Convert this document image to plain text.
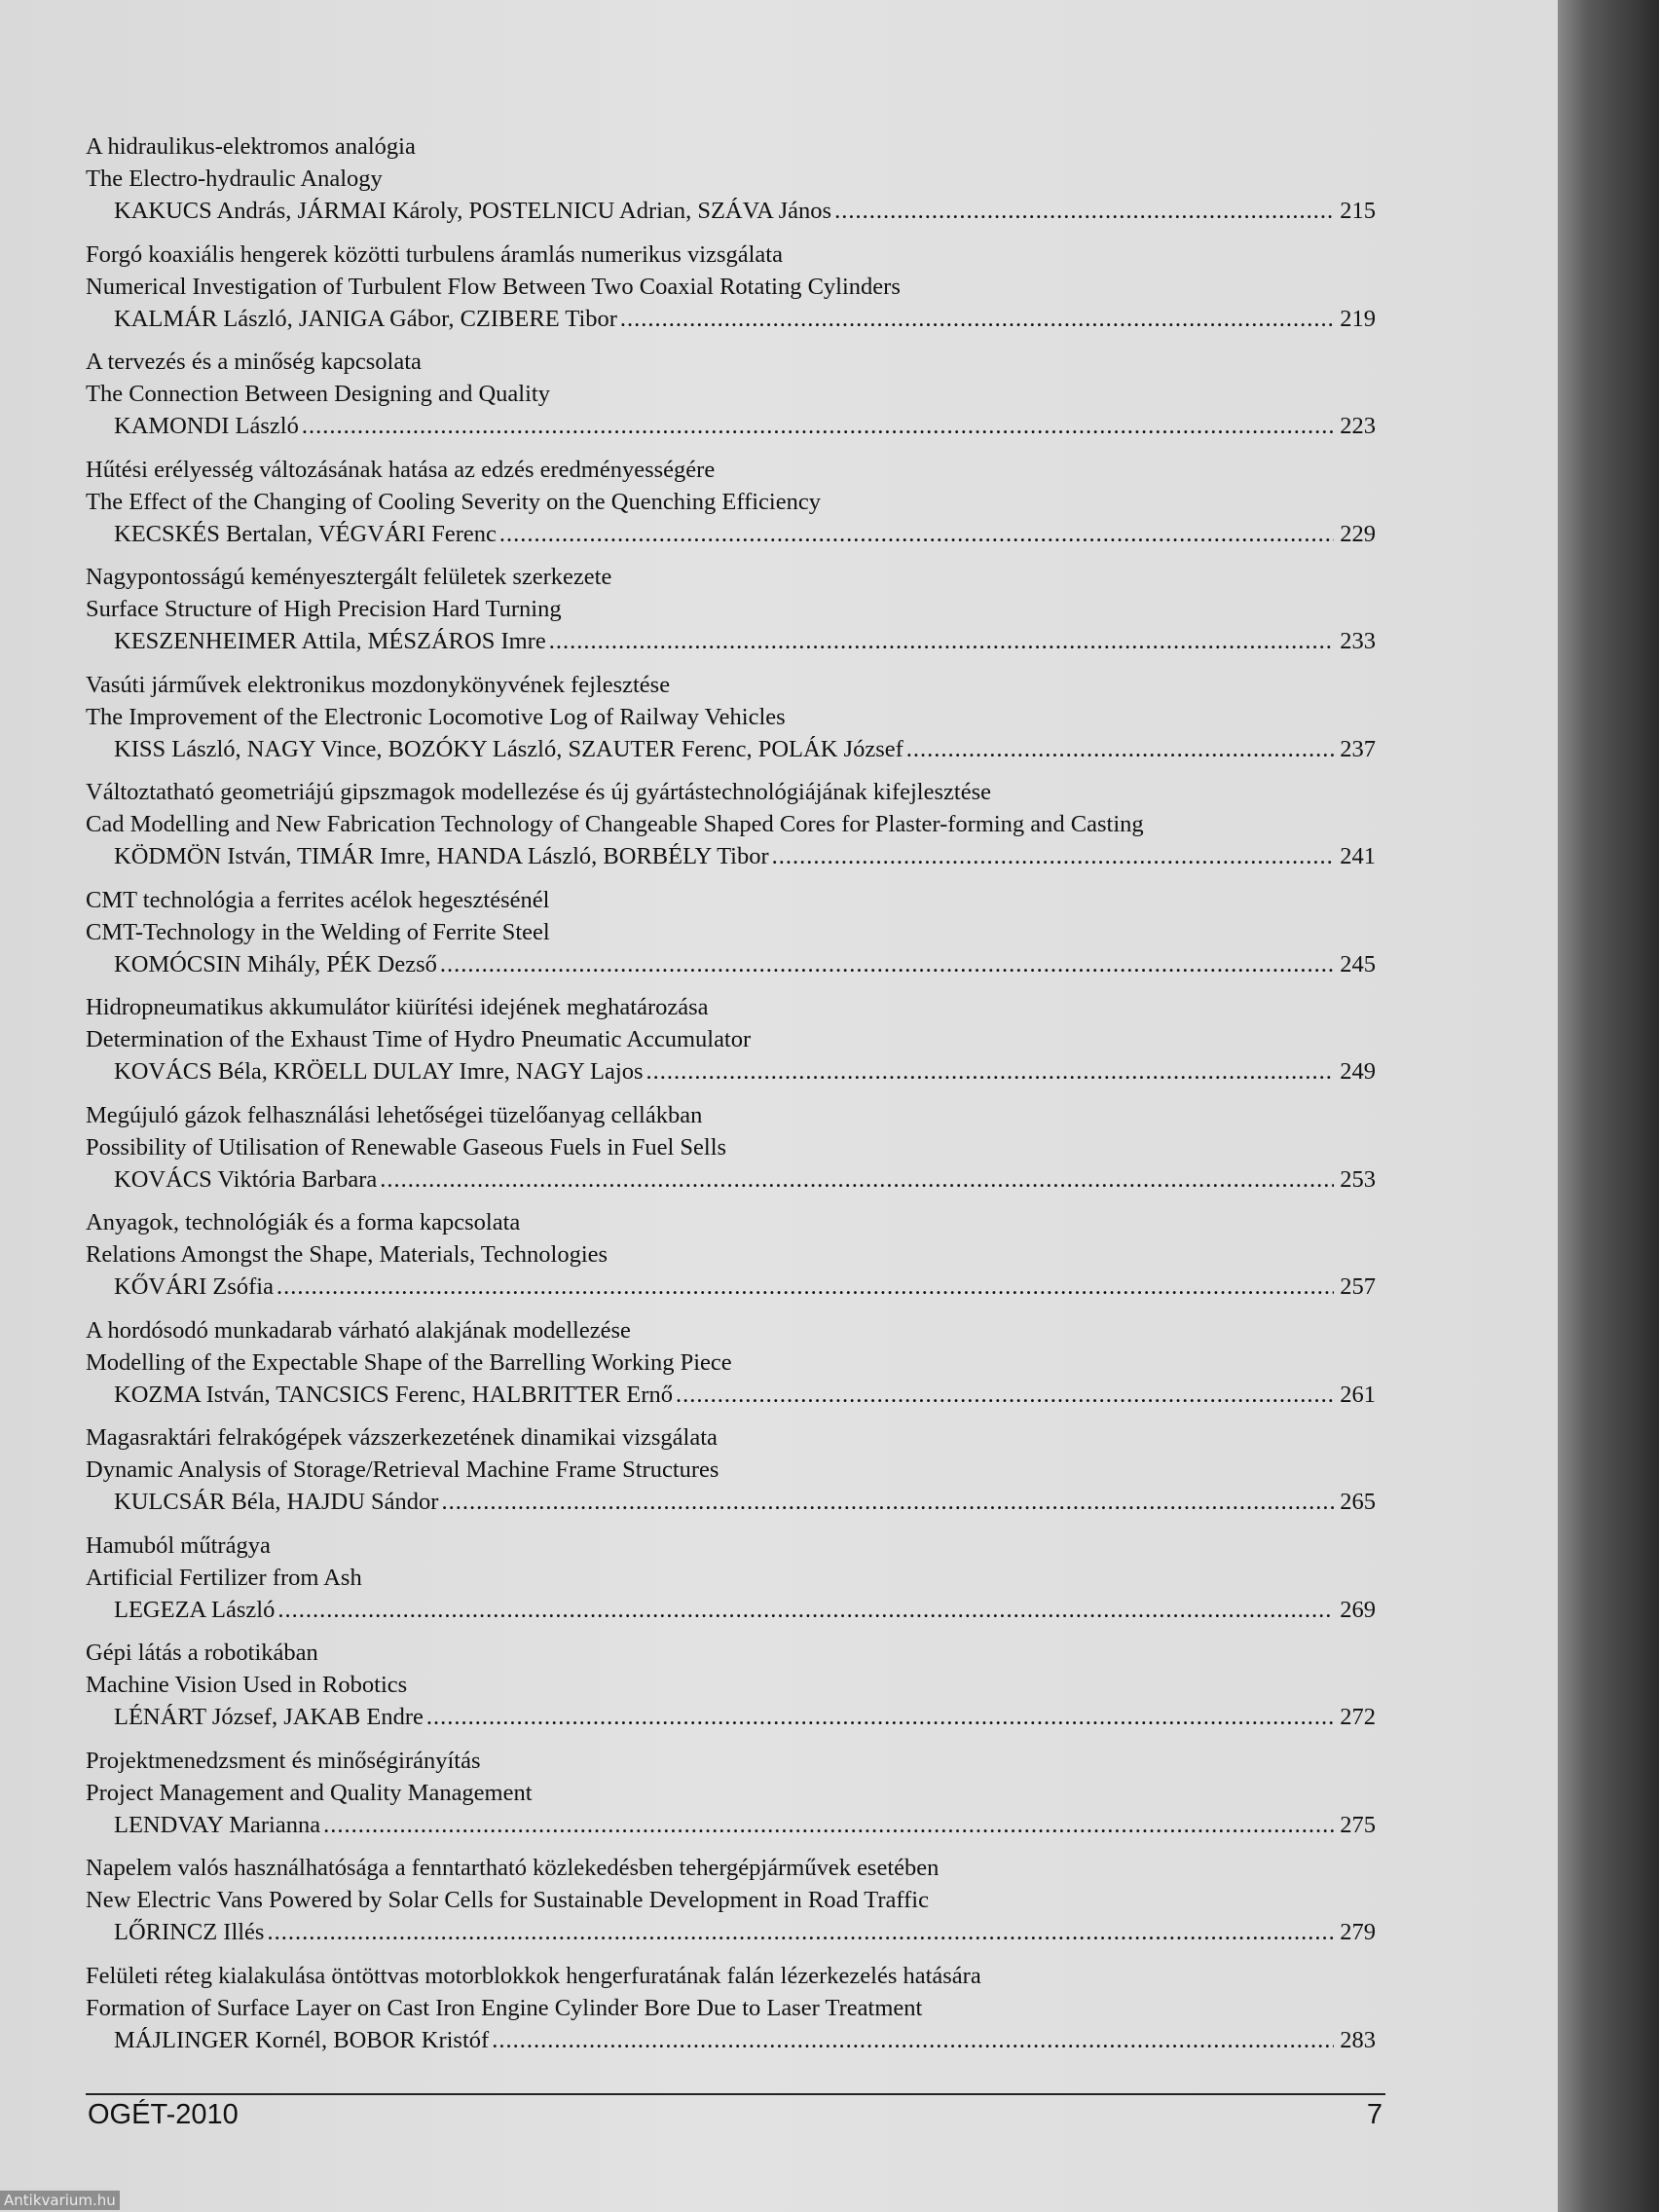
A hidraulikus-elektromos analógia
The Electro-hydraulic Analogy
KAKUCS András, JÁRMAI Károly, POSTELNICU Adrian, SZÁVA János .....	215
Forgó koaxiális hengerek közötti turbulens áramlás numerikus vizsgálata
Numerical Investigation of Turbulent Flow Between Two Coaxial Rotating Cylinders
KALMÁR László, JANIGA Gábor, CZIBERE Tibor .....	219
A tervezés és a minőség kapcsolata
The Connection Between Designing and Quality
KAMONDI László .....	223
Hűtési erélyesség változásának hatása az edzés eredményességére
The Effect of the Changing of Cooling Severity on the Quenching Efficiency
KECSKÉS Bertalan, VÉGVÁRI Ferenc .....	229
Nagypontosságú keményesztergált felületek szerkezete
Surface Structure of High Precision Hard Turning
KESZENHEIMER Attila, MÉSZÁROS Imre .....	233
Vasúti járművek elektronikus mozdonykönyvének fejlesztése
The Improvement of the Electronic Locomotive Log of Railway Vehicles
KISS László, NAGY Vince, BOZÓKY László, SZAUTER Ferenc, POLÁK József .....	237
Változtatható geometriájú gipszmagok modellezése és új gyártástechnológiájának kifejlesztése
Cad Modelling and New Fabrication Technology of Changeable Shaped Cores for Plaster-forming and Casting
KÖDMÖN István, TIMÁR Imre, HANDA László, BORBÉLY Tibor .....	241
CMT technológia a ferrites acélok hegesztésénél
CMT-Technology in the Welding of Ferrite Steel
KOMÓCSIN Mihály, PÉK Dezső .....	245
Hidropneumatikus akkumulátor kiürítési idejének meghatározása
Determination of the Exhaust Time of Hydro Pneumatic Accumulator
KOVÁCS Béla, KRÖELL DULAY Imre, NAGY Lajos .....	249
Megújuló gázok felhasználási lehetőségei tüzelőanyag cellákban
Possibility of Utilisation of Renewable Gaseous Fuels in Fuel Sells
KOVÁCS Viktória Barbara .....	253
Anyagok, technológiák és a forma kapcsolata
Relations Amongst the Shape, Materials, Technologies
KŐVÁRI Zsófia .....	257
A hordósodó munkadarab várható alakjának modellezése
Modelling of the Expectable Shape of the Barrelling Working Piece
KOZMA István, TANCSICS Ferenc, HALBRITTER Ernő .....	261
Magasraktári felrakógépek vázszerkezetének dinamikai vizsgálata
Dynamic Analysis of Storage/Retrieval Machine Frame Structures
KULCSÁR Béla, HAJDU Sándor .....	265
Hamuból műtrágya
Artificial Fertilizer from Ash
LEGEZA László .....	269
Gépi látás a robotikában
Machine Vision Used in Robotics
LÉNÁRT József, JAKAB Endre .....	272
Projektmenedzsment és minőségirányítás
Project Management and Quality Management
LENDVAY Marianna .....	275
Napelem valós használhatósága a fenntartható közlekedésben tehergépjárművek esetében
New Electric Vans Powered by Solar Cells for Sustainable Development in Road Traffic
LŐRINCZ Illés .....	279
Felületi réteg kialakulása öntöttvas motorblokkok hengerfuratának falán lézerkezelés hatására
Formation of Surface Layer on Cast Iron Engine Cylinder Bore Due to Laser Treatment
MÁJLINGER Kornél, BOBOR Kristóf .....	283
OGÉT-2010	7
Antikvarium.hu
